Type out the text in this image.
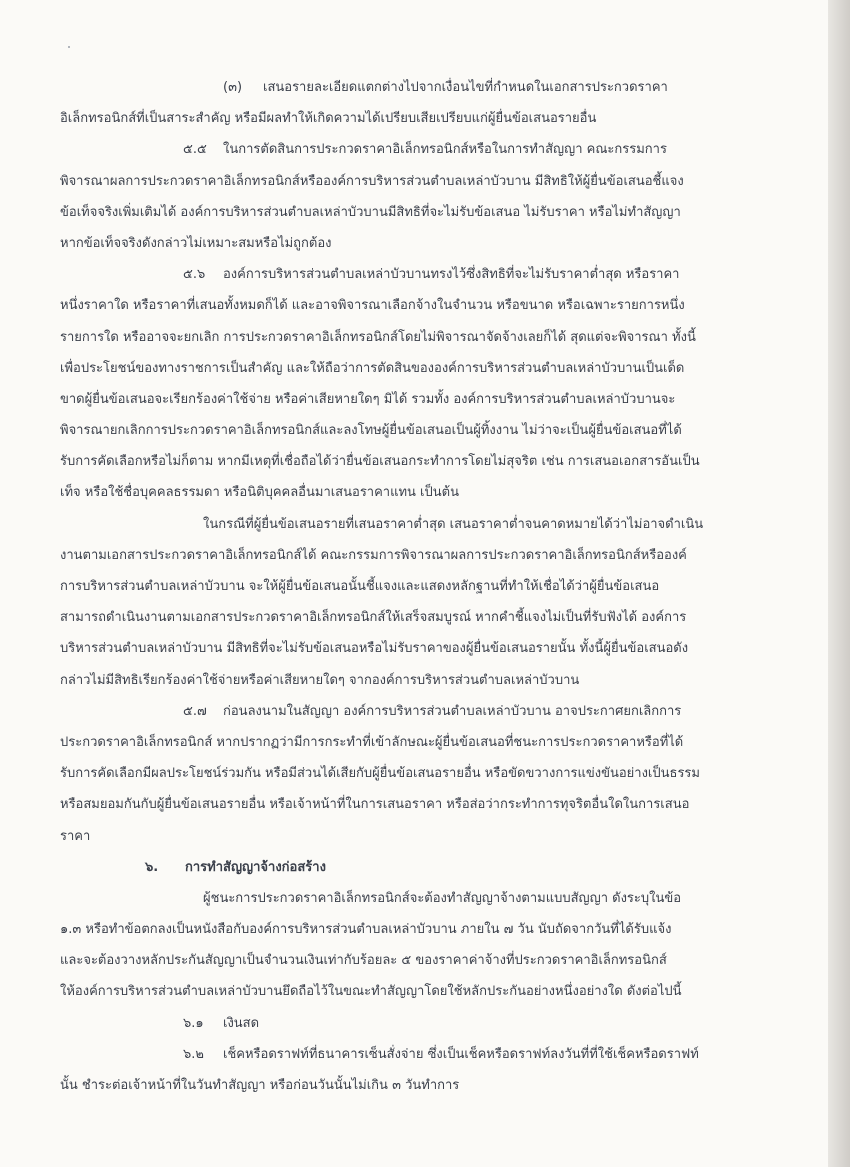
(๓) เสนอรายละเอียดแตกต่างไปจากเงื่อนไขที่กำหนดในเอกสารประกวดราคา
อิเล็กทรอนิกส์ที่เป็นสาระสำคัญ หรือมีผลทำให้เกิดความได้เปรียบเสียเปรียบแก่ผู้ยื่นข้อเสนอรายอื่น
๕.๕ ในการตัดสินการประกวดราคาอิเล็กทรอนิกส์หรือในการทำสัญญา คณะกรรมการ
พิจารณาผลการประกวดราคาอิเล็กทรอนิกส์หรือองค์การบริหารส่วนตำบลเหล่าบัวบาน มีสิทธิให้ผู้ยื่นข้อเสนอชี้แจง
ข้อเท็จจริงเพิ่มเติมได้ องค์การบริหารส่วนตำบลเหล่าบัวบานมีสิทธิที่จะไม่รับข้อเสนอ ไม่รับราคา หรือไม่ทำสัญญา
หากข้อเท็จจริงดังกล่าวไม่เหมาะสมหรือไม่ถูกต้อง
๕.๖ องค์การบริหารส่วนตำบลเหล่าบัวบานทรงไว้ซึ่งสิทธิที่จะไม่รับราคาต่ำสุด หรือราคา
หนึ่งราคาใด หรือราคาที่เสนอทั้งหมดก็ได้ และอาจพิจารณาเลือกจ้างในจำนวน หรือขนาด หรือเฉพาะรายการหนึ่ง
รายการใด หรืออาจจะยกเลิก การประกวดราคาอิเล็กทรอนิกส์โดยไม่พิจารณาจัดจ้างเลยก็ได้ สุดแต่จะพิจารณา ทั้งนี้
เพื่อประโยชน์ของทางราชการเป็นสำคัญ และให้ถือว่าการตัดสินขององค์การบริหารส่วนตำบลเหล่าบัวบานเป็นเด็ด
ขาดผู้ยื่นข้อเสนอจะเรียกร้องค่าใช้จ่าย หรือค่าเสียหายใดๆ มิได้ รวมทั้ง องค์การบริหารส่วนตำบลเหล่าบัวบานจะ
พิจารณายกเลิกการประกวดราคาอิเล็กทรอนิกส์และลงโทษผู้ยื่นข้อเสนอเป็นผู้ทิ้งงาน ไม่ว่าจะเป็นผู้ยื่นข้อเสนอที่ได้
รับการคัดเลือกหรือไม่ก็ตาม หากมีเหตุที่เชื่อถือได้ว่ายื่นข้อเสนอกระทำการโดยไม่สุจริต เช่น การเสนอเอกสารอันเป็น
เท็จ หรือใช้ชื่อบุคคลธรรมดา หรือนิติบุคคลอื่นมาเสนอราคาแทน เป็นต้น
ในกรณีที่ผู้ยื่นข้อเสนอรายที่เสนอราคาต่ำสุด เสนอราคาต่ำจนคาดหมายได้ว่าไม่อาจดำเนิน
งานตามเอกสารประกวดราคาอิเล็กทรอนิกส์ได้ คณะกรรมการพิจารณาผลการประกวดราคาอิเล็กทรอนิกส์หรือองค์
การบริหารส่วนตำบลเหล่าบัวบาน จะให้ผู้ยื่นข้อเสนอนั้นชี้แจงและแสดงหลักฐานที่ทำให้เชื่อได้ว่าผู้ยื่นข้อเสนอ
สามารถดำเนินงานตามเอกสารประกวดราคาอิเล็กทรอนิกส์ให้เสร็จสมบูรณ์ หากคำชี้แจงไม่เป็นที่รับฟังได้ องค์การ
บริหารส่วนตำบลเหล่าบัวบาน มีสิทธิที่จะไม่รับข้อเสนอหรือไม่รับราคาของผู้ยื่นข้อเสนอรายนั้น ทั้งนี้ผู้ยื่นข้อเสนอดัง
กล่าวไม่มีสิทธิเรียกร้องค่าใช้จ่ายหรือค่าเสียหายใดๆ จากองค์การบริหารส่วนตำบลเหล่าบัวบาน
๕.๗ ก่อนลงนามในสัญญา องค์การบริหารส่วนตำบลเหล่าบัวบาน อาจประกาศยกเลิกการ
ประกวดราคาอิเล็กทรอนิกส์ หากปรากฏว่ามีการกระทำที่เข้าลักษณะผู้ยื่นข้อเสนอที่ชนะการประกวดราคาหรือที่ได้
รับการคัดเลือกมีผลประโยชน์ร่วมกัน หรือมีส่วนได้เสียกับผู้ยื่นข้อเสนอรายอื่น หรือขัดขวางการแข่งขันอย่างเป็นธรรม
หรือสมยอมกันกับผู้ยื่นข้อเสนอรายอื่น หรือเจ้าหน้าที่ในการเสนอราคา หรือส่อว่ากระทำการทุจริตอื่นใดในการเสนอ
ราคา
๖. การทำสัญญาจ้างก่อสร้าง
ผู้ชนะการประกวดราคาอิเล็กทรอนิกส์จะต้องทำสัญญาจ้างตามแบบสัญญา ดังระบุในข้อ
๑.๓ หรือทำข้อตกลงเป็นหนังสือกับองค์การบริหารส่วนตำบลเหล่าบัวบาน ภายใน ๗ วัน นับถัดจากวันที่ได้รับแจ้ง
และจะต้องวางหลักประกันสัญญาเป็นจำนวนเงินเท่ากับร้อยละ ๕ ของราคาค่าจ้างที่ประกวดราคาอิเล็กทรอนิกส์
ให้องค์การบริหารส่วนตำบลเหล่าบัวบานยึดถือไว้ในขณะทำสัญญาโดยใช้หลักประกันอย่างหนึ่งอย่างใด ดังต่อไปนี้
๖.๑ เงินสด
๖.๒ เช็คหรือดราฟท์ที่ธนาคารเซ็นสั่งจ่าย ซึ่งเป็นเช็คหรือดราฟท์ลงวันที่ที่ใช้เช็คหรือดราฟท์
นั้น ชำระต่อเจ้าหน้าที่ในวันทำสัญญา หรือก่อนวันนั้นไม่เกิน ๓ วันทำการ
